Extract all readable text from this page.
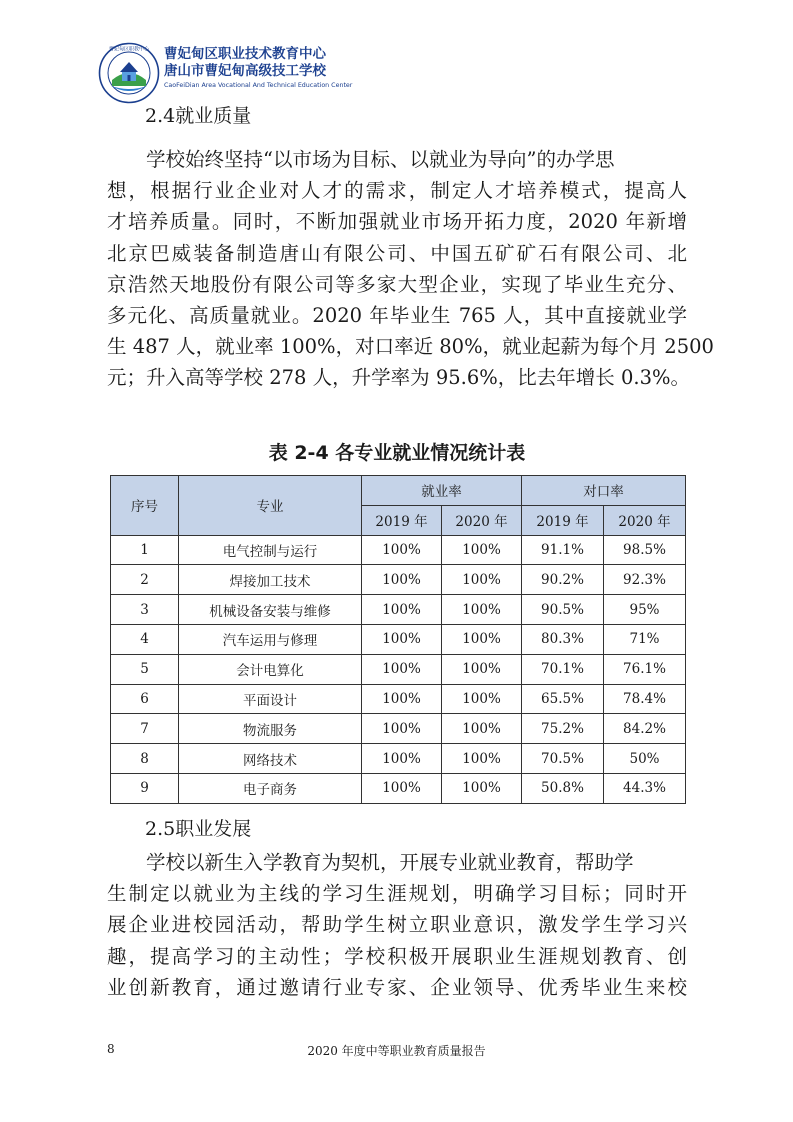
曹妃甸区职教中心 曹妃甸区职业技术教育中心
唐山市曹妃甸高级技工学校
CaoFeiDian Area Vocational And Technical Education Center
2.4就业质量
学校始终坚持“以市场为目标、以就业为导向”的办学思
想，根据行业企业对人才的需求，制定人才培养模式，提高人
才培养质量。同时，不断加强就业市场开拓力度，2020 年新增
北京巴威装备制造唐山有限公司、中国五矿矿石有限公司、北
京浩然天地股份有限公司等多家大型企业，实现了毕业生充分、
多元化、高质量就业。2020 年毕业生 765 人，其中直接就业学
生 487 人，就业率 100%，对口率近 80%，就业起薪为每个月 2500
元；升入高等学校 278 人，升学率为 95.6%，比去年增长 0.3%。
表 2-4 各专业就业情况统计表
序号	专业	就业率		对口率	
		2019 年	2020 年	2019 年	2020 年
1	电气控制与运行	100%	100%	91.1%	98.5%
2	焊接加工技术	100%	100%	90.2%	92.3%
3	机械设备安装与维修	100%	100%	90.5%	95%
4	汽车运用与修理	100%	100%	80.3%	71%
5	会计电算化	100%	100%	70.1%	76.1%
6	平面设计	100%	100%	65.5%	78.4%
7	物流服务	100%	100%	75.2%	84.2%
8	网络技术	100%	100%	70.5%	50%
9	电子商务	100%	100%	50.8%	44.3%
2.5职业发展
学校以新生入学教育为契机，开展专业就业教育，帮助学
生制定以就业为主线的学习生涯规划，明确学习目标；同时开
展企业进校园活动，帮助学生树立职业意识，激发学生学习兴
趣，提高学习的主动性；学校积极开展职业生涯规划教育、创
业创新教育，通过邀请行业专家、企业领导、优秀毕业生来校
8	2020 年度中等职业教育质量报告
